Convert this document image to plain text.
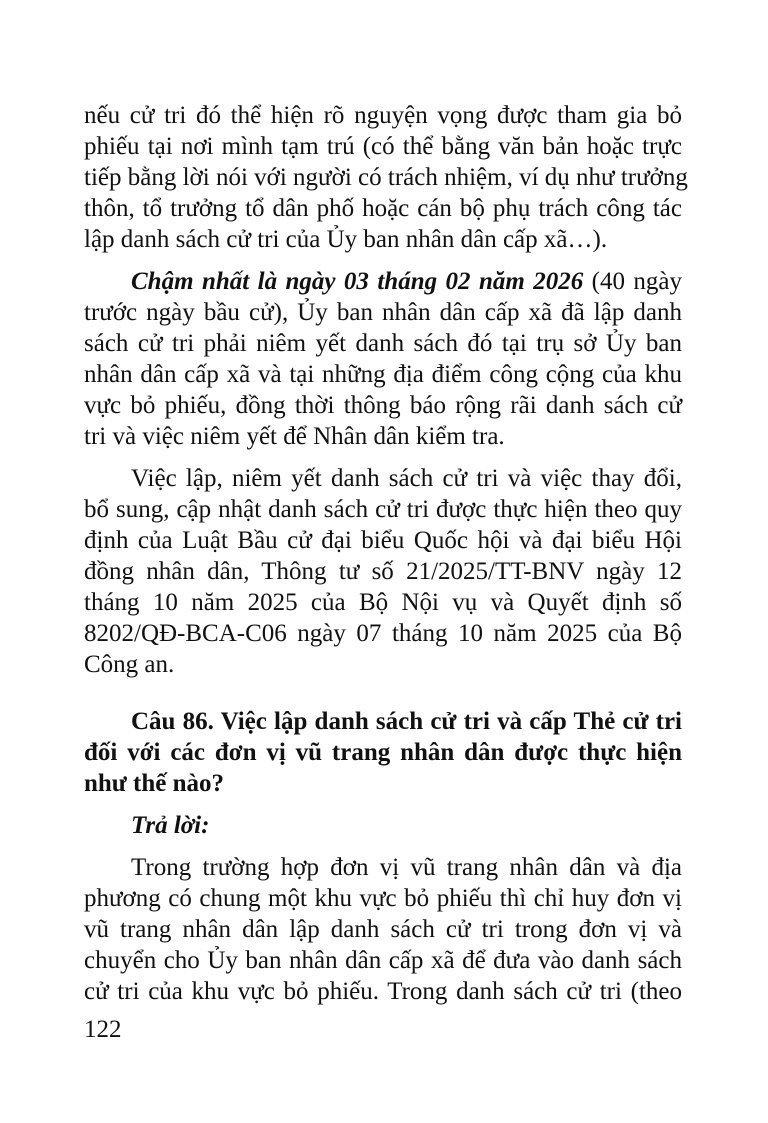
nếu cử tri đó thể hiện rõ nguyện vọng được tham gia bỏ
phiếu tại nơi mình tạm trú (có thể bằng văn bản hoặc trực
tiếp bằng lời nói với người có trách nhiệm, ví dụ như trưởng
thôn, tổ trưởng tổ dân phố hoặc cán bộ phụ trách công tác
lập danh sách cử tri của Ủy ban nhân dân cấp xã…).
Chậm nhất là ngày 03 tháng 02 năm 2026 (40 ngày
trước ngày bầu cử), Ủy ban nhân dân cấp xã đã lập danh
sách cử tri phải niêm yết danh sách đó tại trụ sở Ủy ban
nhân dân cấp xã và tại những địa điểm công cộng của khu
vực bỏ phiếu, đồng thời thông báo rộng rãi danh sách cử
tri và việc niêm yết để Nhân dân kiểm tra.
Việc lập, niêm yết danh sách cử tri và việc thay đổi,
bổ sung, cập nhật danh sách cử tri được thực hiện theo quy
định của Luật Bầu cử đại biểu Quốc hội và đại biểu Hội
đồng nhân dân, Thông tư số 21/2025/TT-BNV ngày 12
tháng 10 năm 2025 của Bộ Nội vụ và Quyết định số
8202/QĐ-BCA-C06 ngày 07 tháng 10 năm 2025 của Bộ
Công an.
Câu 86. Việc lập danh sách cử tri và cấp Thẻ cử tri
đối với các đơn vị vũ trang nhân dân được thực hiện
như thế nào?
Trả lời:
Trong trường hợp đơn vị vũ trang nhân dân và địa
phương có chung một khu vực bỏ phiếu thì chỉ huy đơn vị
vũ trang nhân dân lập danh sách cử tri trong đơn vị và
chuyển cho Ủy ban nhân dân cấp xã để đưa vào danh sách
cử tri của khu vực bỏ phiếu. Trong danh sách cử tri (theo
122
